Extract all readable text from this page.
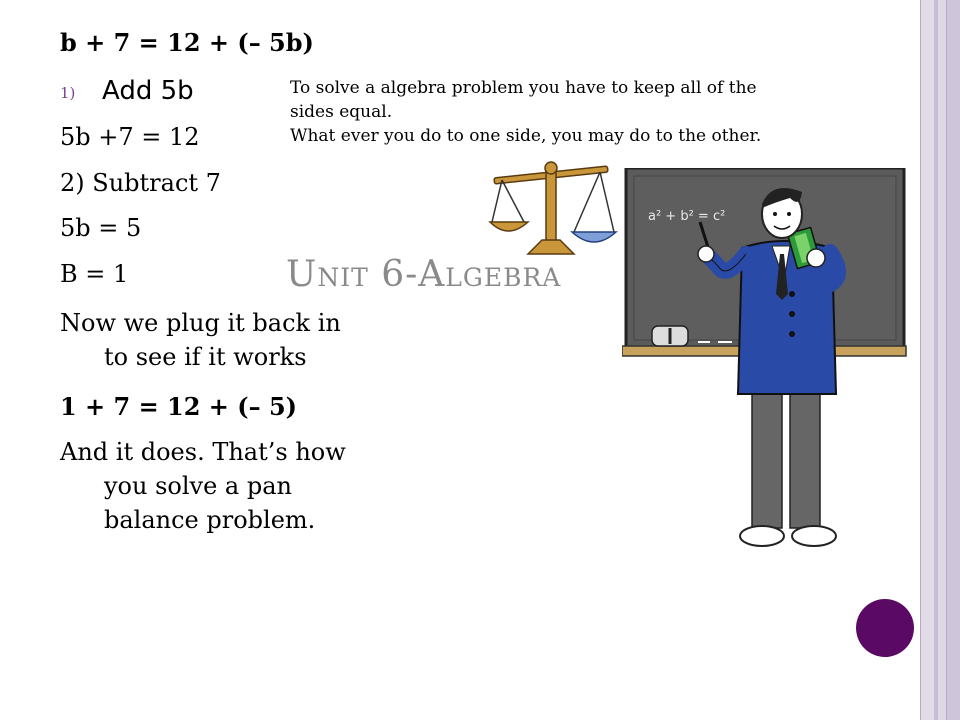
b + 7 = 12 + (– 5b)
1) Add 5b
5b +7 = 12
2) Subtract 7
5b = 5
B = 1
Now we plug it back in
to see if it works
1 + 7 = 12 + (– 5)
And it does. That’s how
you solve a pan
balance problem.
To solve a algebra problem you have to keep all of the
sides equal.
What ever you do to one side, you may do to the other.
Unit 6-Algebra
a² + b² = c²
